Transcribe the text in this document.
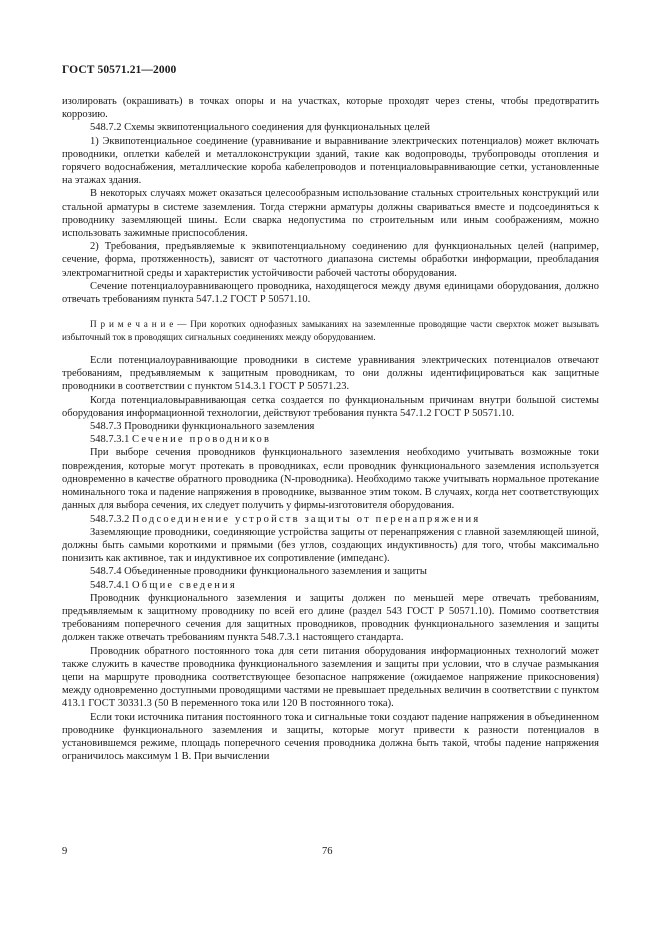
ГОСТ 50571.21—2000

изолировать (окрашивать) в точках опоры и на участках, которые проходят через стены, чтобы предотвратить коррозию.

548.7.2 Схемы эквипотенциального соединения для функциональных целей

1) Эквипотенциальное соединение (уравнивание и выравнивание электрических потенциалов) может включать проводники, оплетки кабелей и металлоконструкции зданий, такие как водопроводы, трубопроводы отопления и горячего водоснабжения, металлические короба кабелепроводов и потенциаловыравнивающие сетки, установленные на этажах здания.

В некоторых случаях может оказаться целесообразным использование стальных строительных конструкций или стальной арматуры в системе заземления. Тогда стержни арматуры должны свариваться вместе и подсоединяться к проводнику заземляющей шины. Если сварка недопустима по строительным или иным соображениям, можно использовать зажимные приспособления.

2) Требования, предъявляемые к эквипотенциальному соединению для функциональных целей (например, сечение, форма, протяженность), зависят от частотного диапазона системы обработки информации, преобладания электромагнитной среды и характеристик устойчивости рабочей частоты оборудования.

Сечение потенциалоуравнивающего проводника, находящегося между двумя единицами оборудования, должно отвечать требованиям пункта 547.1.2 ГОСТ Р 50571.10.

П р и м е ч а н и е — При коротких однофазных замыканиях на заземленные проводящие части сверхток может вызывать избыточный ток в проводящих сигнальных соединениях между оборудованием.

Если потенциалоуравнивающие проводники в системе уравнивания электрических потенциалов отвечают требованиям, предъявляемым к защитным проводникам, то они должны идентифицироваться как защитные проводники в соответствии с пунктом 514.3.1 ГОСТ Р 50571.23.

Когда потенциаловыравнивающая сетка создается по функциональным причинам внутри большой системы оборудования информационной технологии, действуют требования пункта 547.1.2 ГОСТ Р 50571.10.

548.7.3 Проводники функционального заземления

548.7.3.1 Сечение проводников

При выборе сечения проводников функционального заземления необходимо учитывать возможные токи повреждения, которые могут протекать в проводниках, если проводник функционального заземления используется одновременно в качестве обратного проводника (N-проводника). Необходимо также учитывать нормальное протекание номинального тока и падение напряжения в проводнике, вызванное этим током. В случаях, когда нет соответствующих данных для выбора сечения, их следует получить у фирмы-изготовителя оборудования.

548.7.3.2 Подсоединение устройств защиты от перенапряжения

Заземляющие проводники, соединяющие устройства защиты от перенапряжения с главной заземляющей шиной, должны быть самыми короткими и прямыми (без углов, создающих индуктивность) для того, чтобы максимально понизить как активное, так и индуктивное их сопротивление (импеданс).

548.7.4 Объединенные проводники функционального заземления и защиты

548.7.4.1 Общие сведения

Проводник функционального заземления и защиты должен по меньшей мере отвечать требованиям, предъявляемым к защитному проводнику по всей его длине (раздел 543 ГОСТ Р 50571.10). Помимо соответствия требованиям поперечного сечения для защитных проводников, проводник функционального заземления и защиты должен также отвечать требованиям пункта 548.7.3.1 настоящего стандарта.

Проводник обратного постоянного тока для сети питания оборудования информационных технологий может также служить в качестве проводника функционального заземления и защиты при условии, что в случае размыкания цепи на маршруте проводника соответствующее безопасное напряжение (ожидаемое напряжение прикосновения) между одновременно доступными проводящими частями не превышает предельных величин в соответствии с пунктом 413.1 ГОСТ 30331.3 (50 В переменного тока или 120 В постоянного тока).

Если токи источника питания постоянного тока и сигнальные токи создают падение напряжения в объединенном проводнике функционального заземления и защиты, которые могут привести к разности потенциалов в установившемся режиме, площадь поперечного сечения проводника должна быть такой, чтобы падение напряжения ограничилось максимум 1 В. При вычислении

9	76
